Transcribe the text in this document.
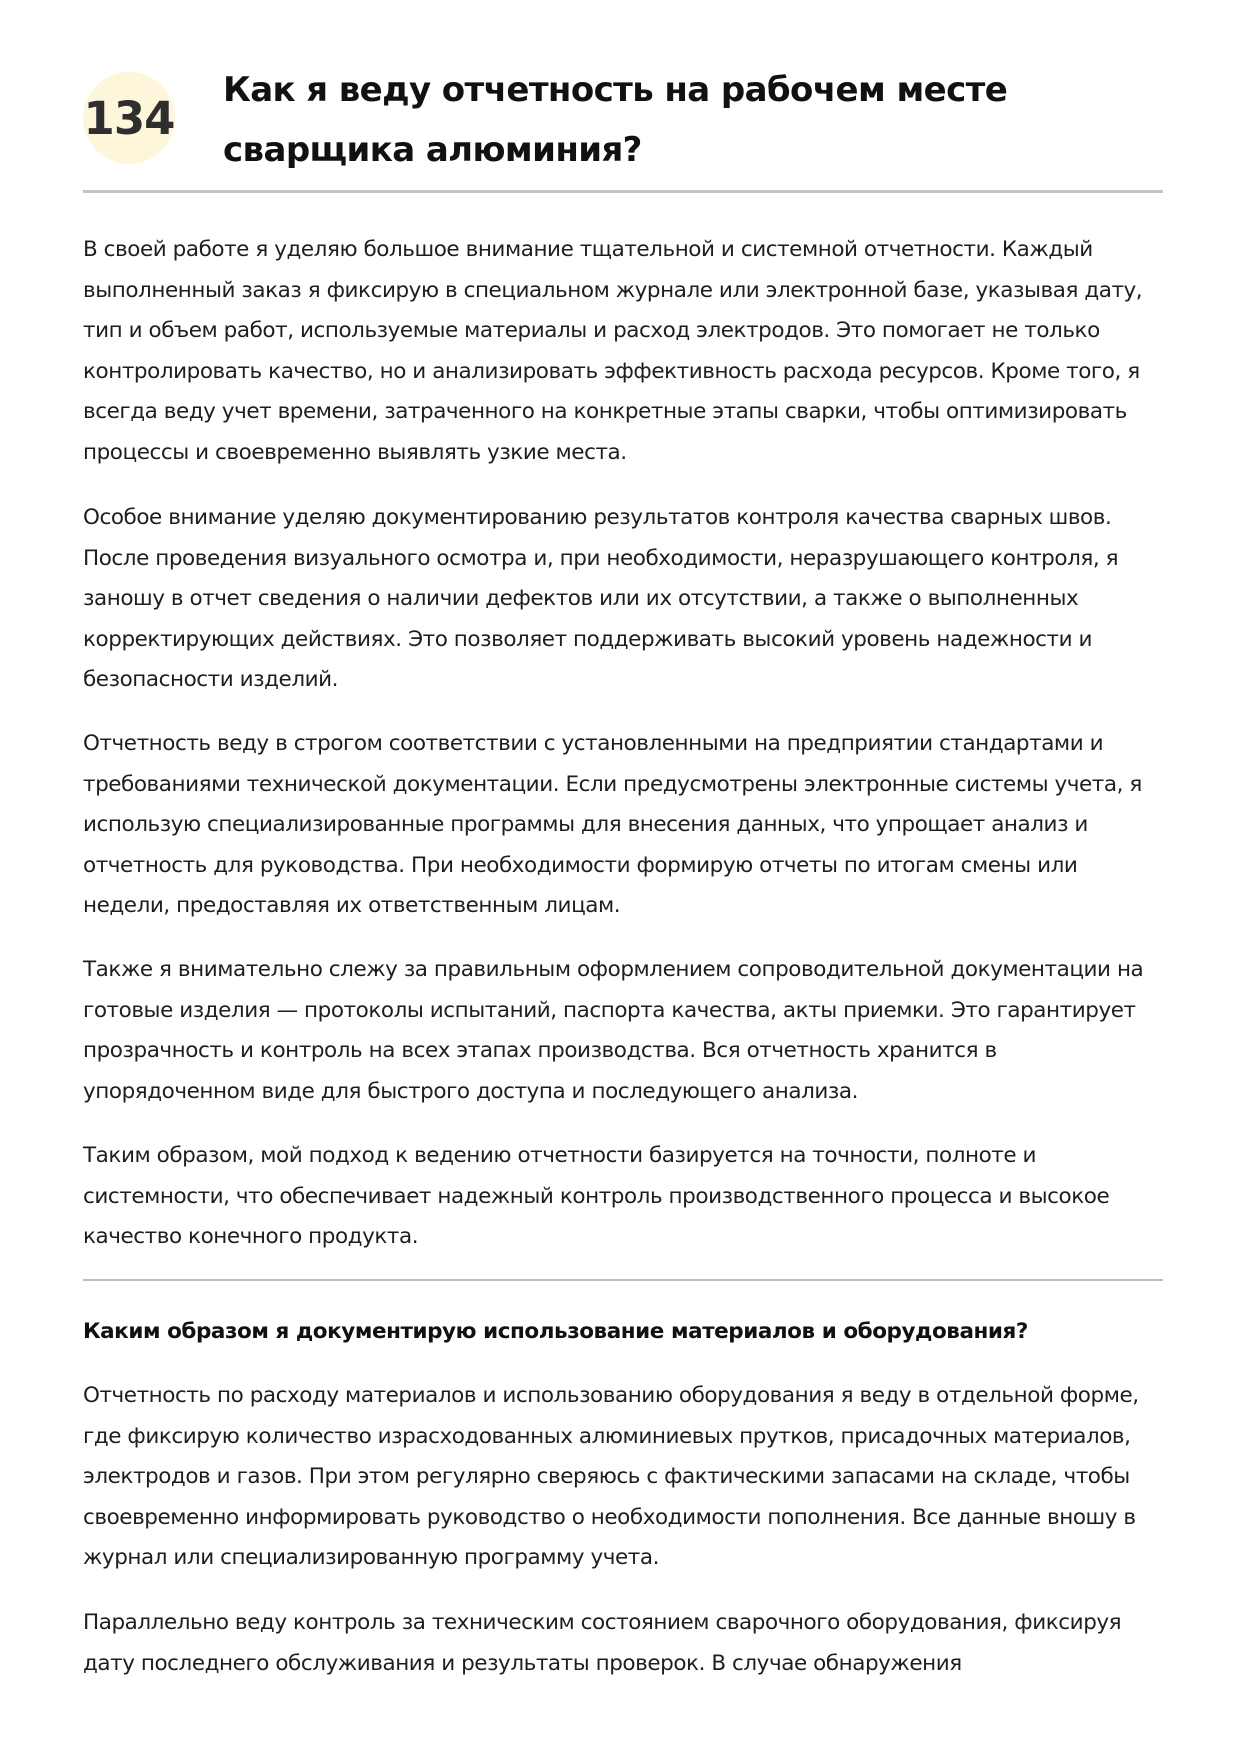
134
Как я веду отчетность на рабочем месте сварщика алюминия?

В своей работе я уделяю большое внимание тщательной и системной отчетности. Каждый выполненный заказ я фиксирую в специальном журнале или электронной базе, указывая дату, тип и объем работ, используемые материалы и расход электродов. Это помогает не только контролировать качество, но и анализировать эффективность расхода ресурсов. Кроме того, я всегда веду учет времени, затраченного на конкретные этапы сварки, чтобы оптимизировать процессы и своевременно выявлять узкие места.

Особое внимание уделяю документированию результатов контроля качества сварных швов. После проведения визуального осмотра и, при необходимости, неразрушающего контроля, я заношу в отчет сведения о наличии дефектов или их отсутствии, а также о выполненных корректирующих действиях. Это позволяет поддерживать высокий уровень надежности и безопасности изделий.

Отчетность веду в строгом соответствии с установленными на предприятии стандартами и требованиями технической документации. Если предусмотрены электронные системы учета, я использую специализированные программы для внесения данных, что упрощает анализ и отчетность для руководства. При необходимости формирую отчеты по итогам смены или недели, предоставляя их ответственным лицам.

Также я внимательно слежу за правильным оформлением сопроводительной документации на готовые изделия — протоколы испытаний, паспорта качества, акты приемки. Это гарантирует прозрачность и контроль на всех этапах производства. Вся отчетность хранится в упорядоченном виде для быстрого доступа и последующего анализа.

Таким образом, мой подход к ведению отчетности базируется на точности, полноте и системности, что обеспечивает надежный контроль производственного процесса и высокое качество конечного продукта.

Каким образом я документирую использование материалов и оборудования?

Отчетность по расходу материалов и использованию оборудования я веду в отдельной форме, где фиксирую количество израсходованных алюминиевых прутков, присадочных материалов, электродов и газов. При этом регулярно сверяюсь с фактическими запасами на складе, чтобы своевременно информировать руководство о необходимости пополнения. Все данные вношу в журнал или специализированную программу учета.

Параллельно веду контроль за техническим состоянием сварочного оборудования, фиксируя дату последнего обслуживания и результаты проверок. В случае обнаружения
